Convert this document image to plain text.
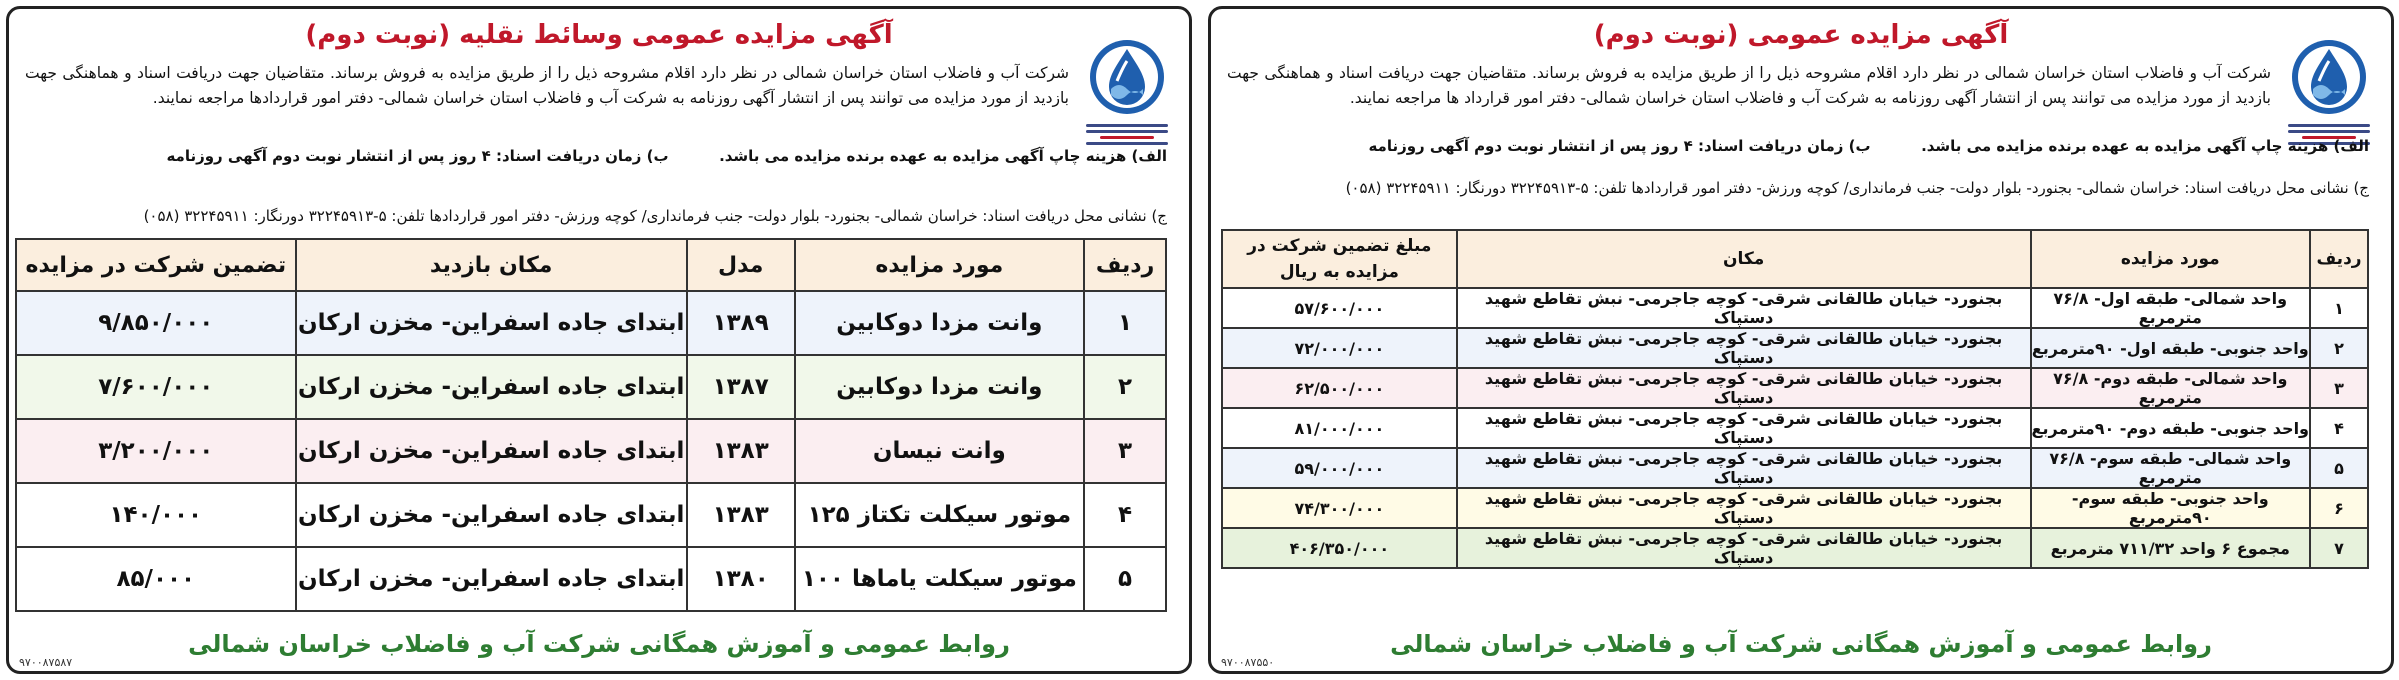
آگهی مزایده عمومی (نوبت دوم)
شرکت آب و فاضلاب استان خراسان شمالی در نظر دارد اقلام مشروحه ذیل را از طریق مزایده به فروش برساند. متقاضیان جهت دریافت اسناد و هماهنگی جهت بازدید از مورد مزایده می توانند پس از انتشار آگهی روزنامه به شرکت آب و فاضلاب استان خراسان شمالی- دفتر امور قرارداد ها مراجعه نمایند.
الف) هزینه چاپ آگهی مزایده به عهده برنده مزایده می باشد.  ب) زمان دریافت اسناد: ۴ روز پس از انتشار نوبت دوم آگهی روزنامه
ج) نشانی محل دریافت اسناد: خراسان شمالی- بجنورد- بلوار دولت- جنب فرمانداری/ کوچه ورزش- دفتر امور قراردادها تلفن: ۵-۳۲۲۴۵۹۱۳ دورنگار: ۳۲۲۴۵۹۱۱ (۰۵۸)
ردیف	مورد مزایده	مکان	مبلغ تضمین شرکت در مزایده به ریال
۱	واحد شمالی- طبقه اول- ۷۶/۸ مترمربع	بجنورد- خیابان طالقانی شرقی- کوچه جاجرمی- نبش تقاطع شهید دستپاک	۵۷/۶۰۰/۰۰۰
۲	واحد جنوبی- طبقه اول- ۹۰مترمربع	بجنورد- خیابان طالقانی شرقی- کوچه جاجرمی- نبش تقاطع شهید دستپاک	۷۲/۰۰۰/۰۰۰
۳	واحد شمالی- طبقه دوم- ۷۶/۸ مترمربع	بجنورد- خیابان طالقانی شرقی- کوچه جاجرمی- نبش تقاطع شهید دستپاک	۶۲/۵۰۰/۰۰۰
۴	واحد جنوبی- طبقه دوم- ۹۰مترمربع	بجنورد- خیابان طالقانی شرقی- کوچه جاجرمی- نبش تقاطع شهید دستپاک	۸۱/۰۰۰/۰۰۰
۵	واحد شمالی- طبقه سوم- ۷۶/۸ مترمربع	بجنورد- خیابان طالقانی شرقی- کوچه جاجرمی- نبش تقاطع شهید دستپاک	۵۹/۰۰۰/۰۰۰
۶	واحد جنوبی- طبقه سوم- ۹۰مترمربع	بجنورد- خیابان طالقانی شرقی- کوچه جاجرمی- نبش تقاطع شهید دستپاک	۷۴/۳۰۰/۰۰۰
۷	مجموع ۶ واحد ۷۱۱/۳۲ مترمربع	بجنورد- خیابان طالقانی شرقی- کوچه جاجرمی- نبش تقاطع شهید دستپاک	۴۰۶/۳۵۰/۰۰۰
روابط عمومی و آموزش همگانی شرکت آب و فاضلاب خراسان شمالی
۹۷۰۰۸۷۵۵۰
آگهی مزایده عمومی وسائط نقلیه (نوبت دوم)
شرکت آب و فاضلاب استان خراسان شمالی در نظر دارد اقلام مشروحه ذیل را از طریق مزایده به فروش برساند. متقاضیان جهت دریافت اسناد و هماهنگی جهت بازدید از مورد مزایده می توانند پس از انتشار آگهی روزنامه به شرکت آب و فاضلاب استان خراسان شمالی- دفتر امور قراردادها مراجعه نمایند.
الف) هزینه چاپ آگهی مزایده به عهده برنده مزایده می باشد.  ب) زمان دریافت اسناد: ۴ روز پس از انتشار نوبت دوم آگهی روزنامه
ج) نشانی محل دریافت اسناد: خراسان شمالی- بجنورد- بلوار دولت- جنب فرمانداری/ کوچه ورزش- دفتر امور قراردادها تلفن: ۵-۳۲۲۴۵۹۱۳ دورنگار: ۳۲۲۴۵۹۱۱ (۰۵۸)
ردیف	مورد مزایده	مدل	مکان بازدید	تضمین شرکت در مزایده
۱	وانت مزدا دوکابین	۱۳۸۹	ابتدای جاده اسفراین- مخزن ارکان	۹/۸۵۰/۰۰۰
۲	وانت مزدا دوکابین	۱۳۸۷	ابتدای جاده اسفراین- مخزن ارکان	۷/۶۰۰/۰۰۰
۳	وانت نیسان	۱۳۸۳	ابتدای جاده اسفراین- مخزن ارکان	۳/۲۰۰/۰۰۰
۴	موتور سیکلت تکتاز ۱۲۵	۱۳۸۳	ابتدای جاده اسفراین- مخزن ارکان	۱۴۰/۰۰۰
۵	موتور سیکلت یاماها ۱۰۰	۱۳۸۰	ابتدای جاده اسفراین- مخزن ارکان	۸۵/۰۰۰
روابط عمومی و آموزش همگانی شرکت آب و فاضلاب خراسان شمالی
۹۷۰۰۸۷۵۸۷
